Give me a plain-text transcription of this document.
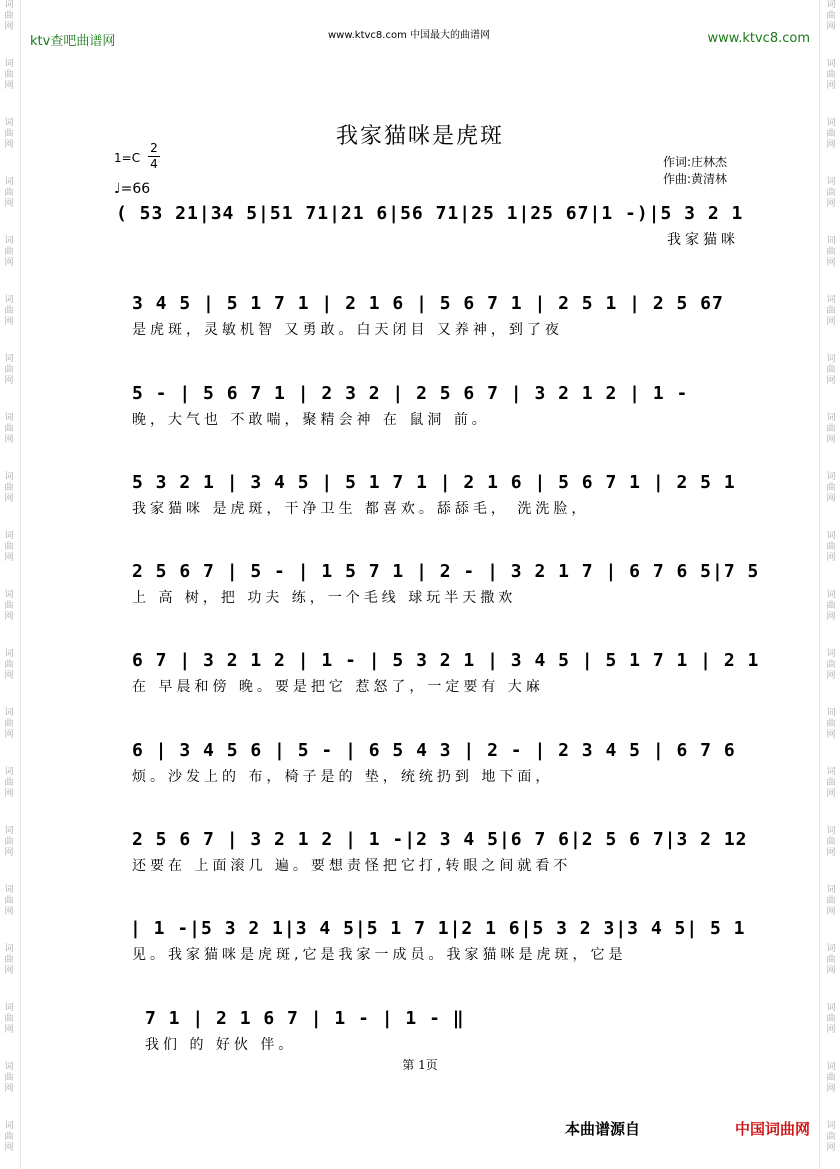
词
曲
网
词
曲
网
词
曲
网
词
曲
网
词
曲
网
词
曲
网
词
曲
网
词
曲
网
词
曲
网
词
曲
网
词
曲
网
词
曲
网
词
曲
网
词
曲
网
词
曲
网
词
曲
网
词
曲
网
词
曲
网
词
曲
网
词
曲
网
词
曲
网
词
曲
网
词
曲
网
词
曲
网
词
曲
网
词
曲
网
词
曲
网
词
曲
网
词
曲
网
词
曲
网
词
曲
网
词
曲
网
词
曲
网
词
曲
网
词
曲
网
词
曲
网
词
曲
网
词
曲
网
词
曲
网
词
曲
网
ktv查吧曲谱网	www.ktvc8.com 中国最大的曲谱网	www.ktvc8.com
我家猫咪是虎斑
1=C
2
4
♩=66
作词:庄林杰
作曲:黄清林
( 53 21|34 5|51 71|21 6|56 71|25 1|25 67|1 -)|5 3 2 1
我家猫咪
3 4 5 | 5 1 7 1 | 2 1 6 | 5 6 7 1 | 2 5 1 | 2 5 67
是虎斑，灵敏机智 又勇敢。白天闭目 又养神，到了夜
5 - | 5 6 7 1 | 2 3 2 | 2 5 6 7 | 3 2 1 2 | 1 -
晚，大气也 不敢喘，聚精会神 在 鼠洞 前。
5 3 2 1 | 3 4 5 | 5 1 7 1 | 2 1 6 | 5 6 7 1 | 2 5 1
我家猫咪 是虎斑，干净卫生 都喜欢。舔舔毛， 洗洗脸，
2 5 6 7 | 5 - | 1 5 7 1 | 2 - | 3 2 1 7 | 6 7 6 5|7 5
上 高 树，把 功夫 练，一个毛线 球玩半天撒欢
6 7 | 3 2 1 2 | 1 - | 5 3 2 1 | 3 4 5 | 5 1 7 1 | 2 1
在 早晨和傍 晚。要是把它 惹怒了，一定要有 大麻
6 | 3 4 5 6 | 5 - | 6 5 4 3 | 2 - | 2 3 4 5 | 6 7 6
烦。沙发上的 布，椅子是的 垫，统统扔到 地下面，
2 5 6 7 | 3 2 1 2 | 1 -|2 3 4 5|6 7 6|2 5 6 7|3 2 12
还要在 上面滚几 遍。要想责怪把它打,转眼之间就看不
| 1 -|5 3 2 1|3 4 5|5 1 7 1|2 1 6|5 3 2 3|3 4 5| 5 1
见。我家猫咪是虎斑,它是我家一成员。我家猫咪是虎斑，它是
7 1 | 2 1 6 7 | 1 - | 1 - ‖
我们 的 好伙 伴。
第 1页
本曲谱源自	中国词曲网
